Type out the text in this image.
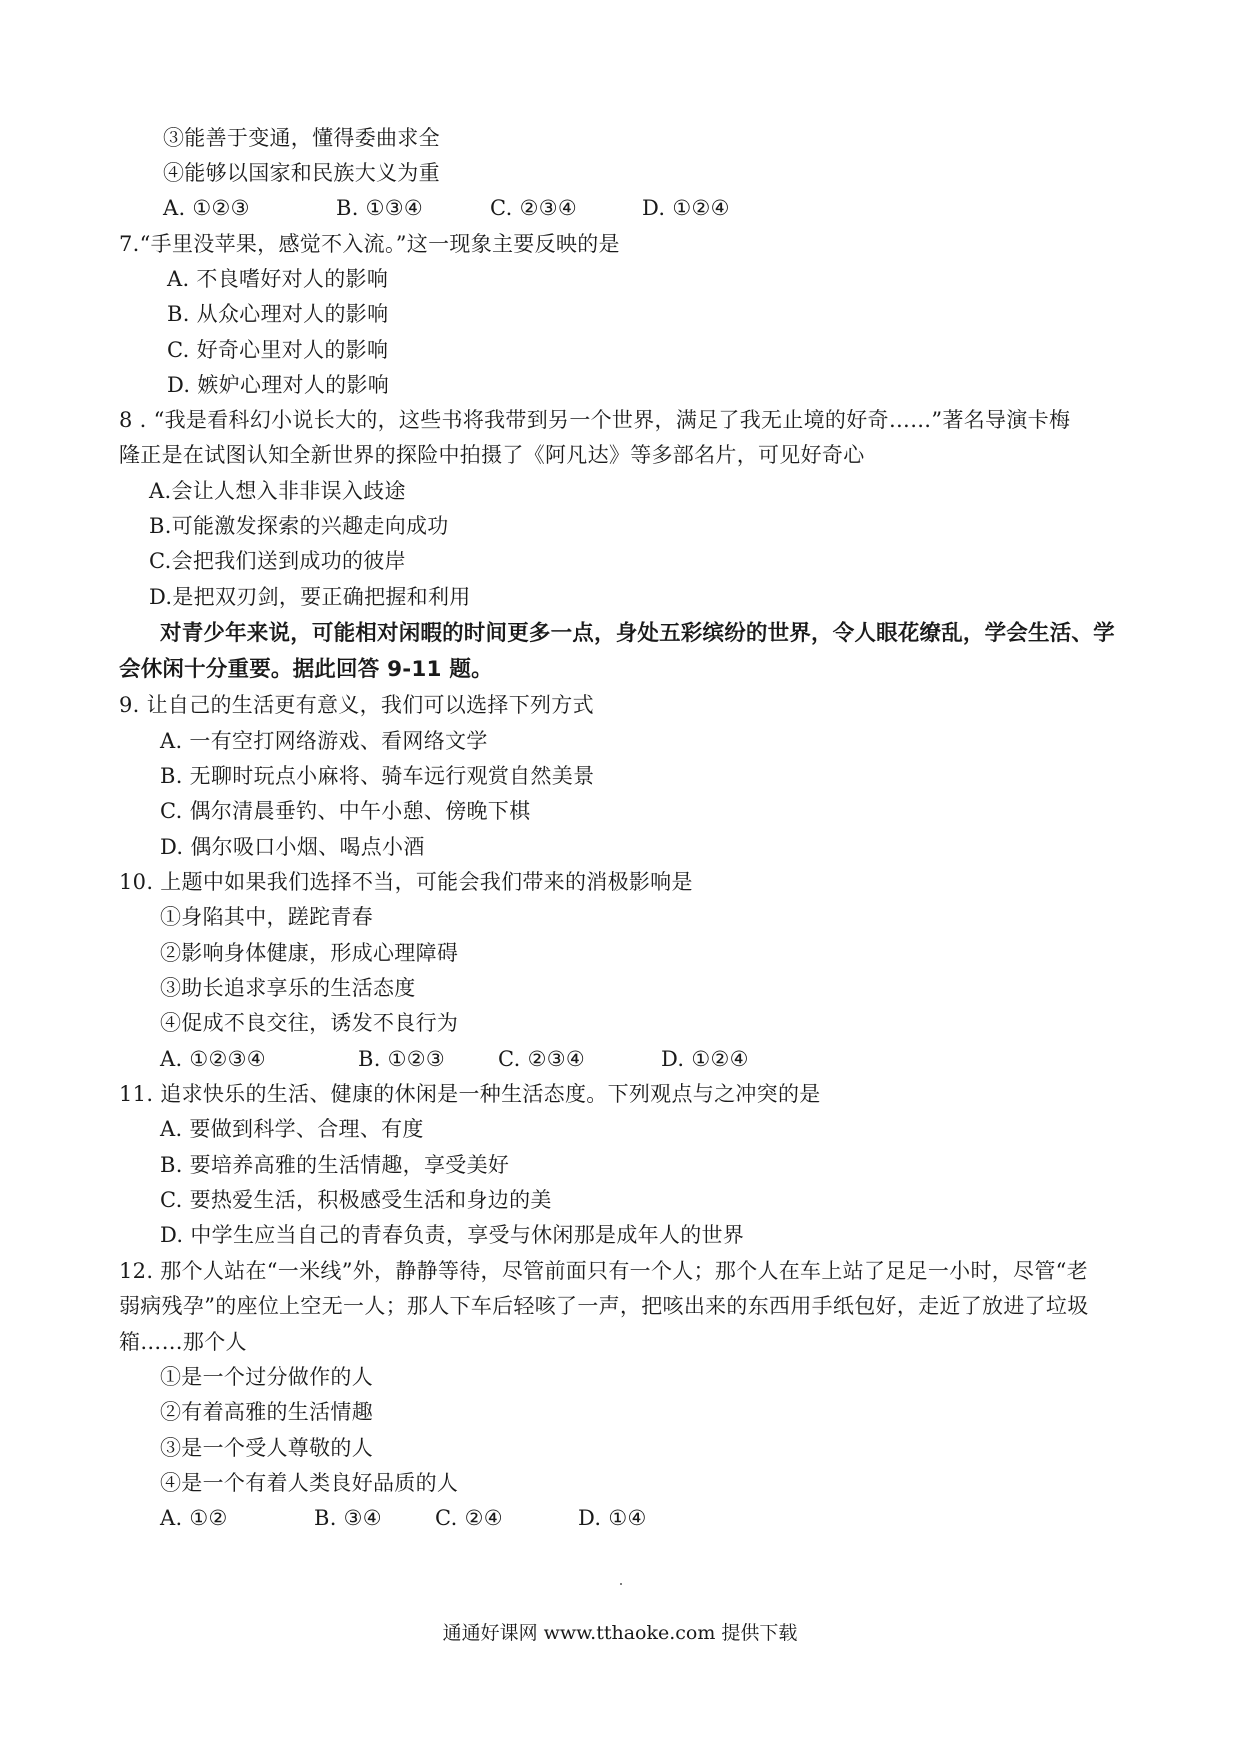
③能善于变通，懂得委曲求全
④能够以国家和民族大义为重
A. ①②③	B. ①③④	C. ②③④	D. ①②④
7.“手里没苹果，感觉不入流。”这一现象主要反映的是
A. 不良嗜好对人的影响
B. 从众心理对人的影响
C. 好奇心里对人的影响
D. 嫉妒心理对人的影响
8 . “我是看科幻小说长大的，这些书将我带到另一个世界，满足了我无止境的好奇……”著名导演卡梅
隆正是在试图认知全新世界的探险中拍摄了《阿凡达》等多部名片，可见好奇心
A.会让人想入非非误入歧途
B.可能激发探索的兴趣走向成功
C.会把我们送到成功的彼岸
D.是把双刃剑，要正确把握和利用
对青少年来说，可能相对闲暇的时间更多一点，身处五彩缤纷的世界，令人眼花缭乱，学会生活、学
会休闲十分重要。据此回答 9-11 题。
9. 让自己的生活更有意义，我们可以选择下列方式
A. 一有空打网络游戏、看网络文学
B. 无聊时玩点小麻将、骑车远行观赏自然美景
C. 偶尔清晨垂钓、中午小憩、傍晚下棋
D. 偶尔吸口小烟、喝点小酒
10. 上题中如果我们选择不当，可能会我们带来的消极影响是
①身陷其中，蹉跎青春
②影响身体健康，形成心理障碍
③助长追求享乐的生活态度
④促成不良交往，诱发不良行为
A. ①②③④	B. ①②③	C. ②③④	D. ①②④
11. 追求快乐的生活、健康的休闲是一种生活态度。下列观点与之冲突的是
A. 要做到科学、合理、有度
B. 要培养高雅的生活情趣，享受美好
C. 要热爱生活，积极感受生活和身边的美
D. 中学生应当自己的青春负责，享受与休闲那是成年人的世界
12. 那个人站在“一米线”外，静静等待，尽管前面只有一个人；那个人在车上站了足足一小时，尽管“老
弱病残孕”的座位上空无一人；那人下车后轻咳了一声，把咳出来的东西用手纸包好，走近了放进了垃圾
箱……那个人
①是一个过分做作的人
②有着高雅的生活情趣
③是一个受人尊敬的人
④是一个有着人类良好品质的人
A. ①②	B. ③④	C. ②④	D. ①④
通通好课网 www.tthaoke.com 提供下载
